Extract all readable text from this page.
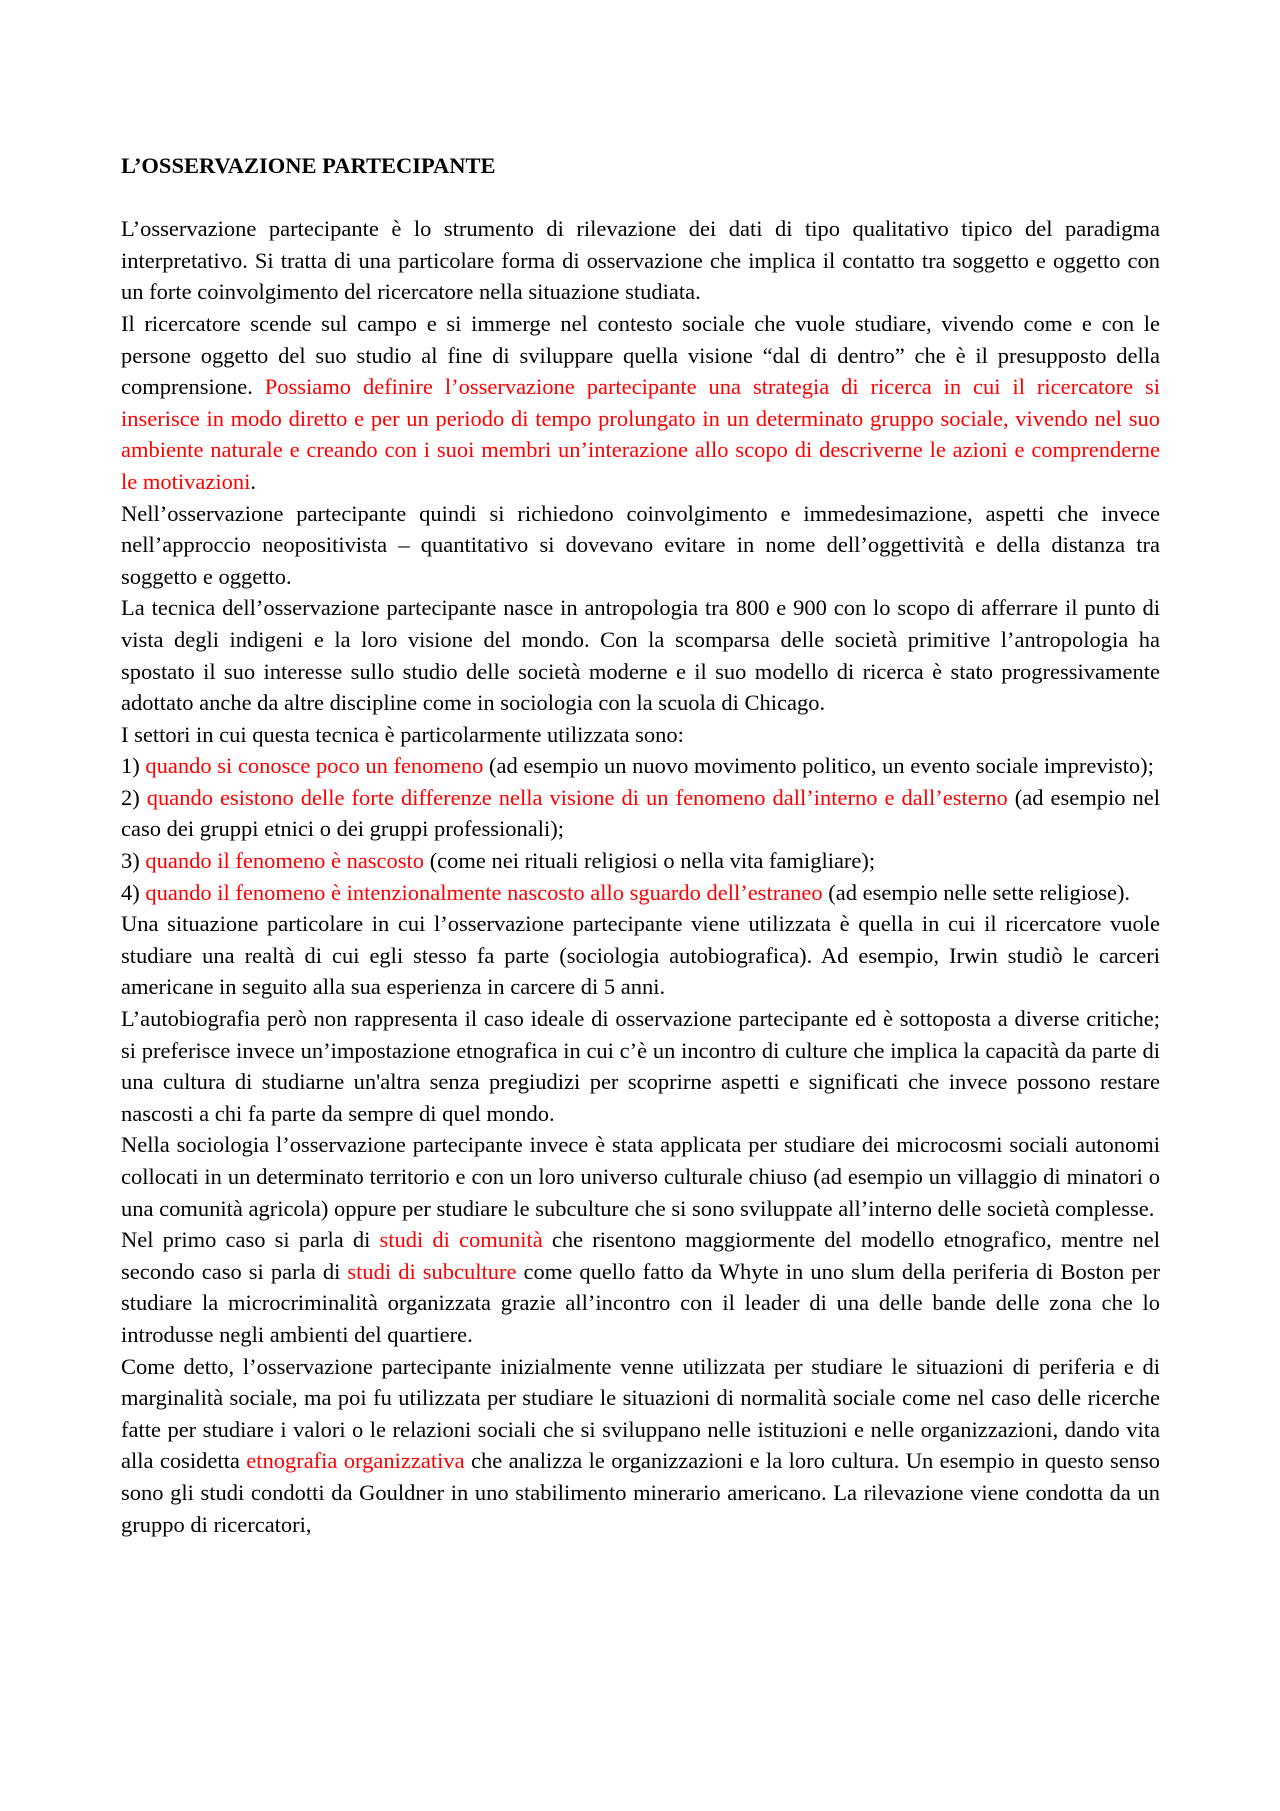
L’OSSERVAZIONE PARTECIPANTE

L’osservazione partecipante è lo strumento di rilevazione dei dati di tipo qualitativo tipico del paradigma interpretativo. Si tratta di una particolare forma di osservazione che implica il contatto tra soggetto e oggetto con un forte coinvolgimento del ricercatore nella situazione studiata.

Il ricercatore scende sul campo e si immerge nel contesto sociale che vuole studiare, vivendo come e con le persone oggetto del suo studio al fine di sviluppare quella visione “dal di dentro” che è il presupposto della comprensione. Possiamo definire l’osservazione partecipante una strategia di ricerca in cui il ricercatore si inserisce in modo diretto e per un periodo di tempo prolungato in un determinato gruppo sociale, vivendo nel suo ambiente naturale e creando con i suoi membri un’interazione allo scopo di descriverne le azioni e comprenderne le motivazioni.

Nell’osservazione partecipante quindi si richiedono coinvolgimento e immedesimazione, aspetti che invece nell’approccio neopositivista – quantitativo si dovevano evitare in nome dell’oggettività e della distanza tra soggetto e oggetto.

La tecnica dell’osservazione partecipante nasce in antropologia tra 800 e 900 con lo scopo di afferrare il punto di vista degli indigeni e la loro visione del mondo. Con la scomparsa delle società primitive l’antropologia ha spostato il suo interesse sullo studio delle società moderne e il suo modello di ricerca è stato progressivamente adottato anche da altre discipline come in sociologia con la scuola di Chicago.

I settori in cui questa tecnica è particolarmente utilizzata sono:

1) quando si conosce poco un fenomeno (ad esempio un nuovo movimento politico, un evento sociale imprevisto);

2) quando esistono delle forte differenze nella visione di un fenomeno dall’interno e dall’esterno (ad esempio nel caso dei gruppi etnici o dei gruppi professionali);

3) quando il fenomeno è nascosto (come nei rituali religiosi o nella vita famigliare);

4) quando il fenomeno è intenzionalmente nascosto allo sguardo dell’estraneo (ad esempio nelle sette religiose).

Una situazione particolare in cui l’osservazione partecipante viene utilizzata è quella in cui il ricercatore vuole studiare una realtà di cui egli stesso fa parte (sociologia autobiografica). Ad esempio, Irwin studiò le carceri americane in seguito alla sua esperienza in carcere di 5 anni.

L’autobiografia però non rappresenta il caso ideale di osservazione partecipante ed è sottoposta a diverse critiche; si preferisce invece un’impostazione etnografica in cui c’è un incontro di culture che implica la capacità da parte di una cultura di studiarne un'altra senza pregiudizi per scoprirne aspetti e significati che invece possono restare nascosti a chi fa parte da sempre di quel mondo.

Nella sociologia l’osservazione partecipante invece è stata applicata per studiare dei microcosmi sociali autonomi collocati in un determinato territorio e con un loro universo culturale chiuso (ad esempio un villaggio di minatori o una comunità agricola) oppure per studiare le subculture che si sono sviluppate all’interno delle società complesse.

Nel primo caso si parla di studi di comunità che risentono maggiormente del modello etnografico, mentre nel secondo caso si parla di studi di subculture come quello fatto da Whyte in uno slum della periferia di Boston per studiare la microcriminalità organizzata grazie all’incontro con il leader di una delle bande delle zona che lo introdusse negli ambienti del quartiere.

Come detto, l’osservazione partecipante inizialmente venne utilizzata per studiare le situazioni di periferia e di marginalità sociale, ma poi fu utilizzata per studiare le situazioni di normalità sociale come nel caso delle ricerche fatte per studiare i valori o le relazioni sociali che si sviluppano nelle istituzioni e nelle organizzazioni, dando vita alla cosidetta etnografia organizzativa che analizza le organizzazioni e la loro cultura. Un esempio in questo senso sono gli studi condotti da Gouldner in uno stabilimento minerario americano. La rilevazione viene condotta da un gruppo di ricercatori,
